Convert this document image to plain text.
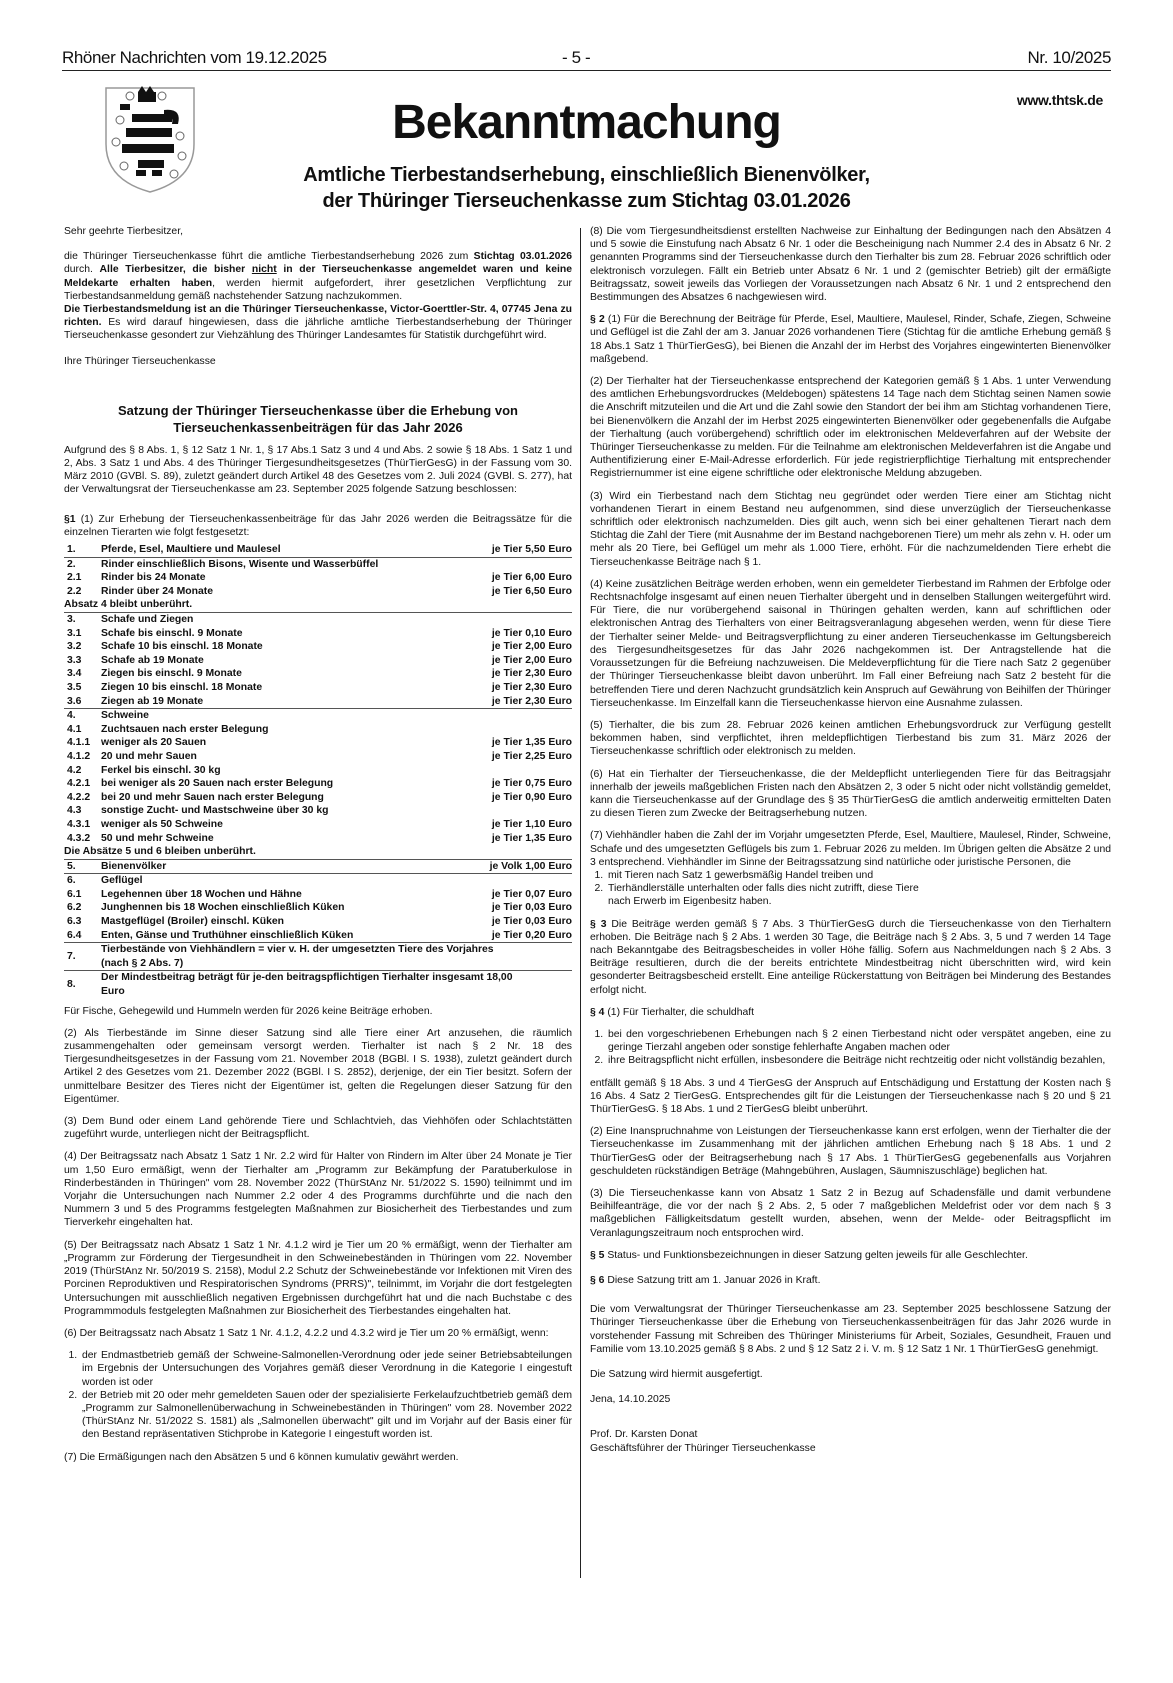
Rhöner Nachrichten vom 19.12.2025	- 5 -	Nr. 10/2025
www.thtsk.de
Bekanntmachung
Amtliche Tierbestandserhebung, einschließlich Bienenvölker,
der Thüringer Tierseuchenkasse zum Stichtag 03.01.2026

Sehr geehrte Tierbesitzer,

die Thüringer Tierseuchenkasse führt die amtliche Tierbestandserhebung 2026 zum Stichtag 03.01.2026 durch. Alle Tierbesitzer, die bisher nicht in der Tierseuchenkasse angemeldet waren und keine Meldekarte erhalten haben, werden hiermit aufgefordert, ihrer gesetzlichen Verpflichtung zur Tierbestandsanmeldung gemäß nachstehender Satzung nachzukommen.

Die Tierbestandsmeldung ist an die Thüringer Tierseuchenkasse, Victor-Goerttler-Str. 4, 07745 Jena zu richten. Es wird darauf hingewiesen, dass die jährliche amtliche Tierbestandserhebung der Thüringer Tierseuchenkasse gesondert zur Viehzählung des Thüringer Landesamtes für Statistik durchgeführt wird.

Ihre Thüringer Tierseuchenkasse

Satzung der Thüringer Tierseuchenkasse über die Erhebung von Tierseuchenkassenbeiträgen für das Jahr 2026

Aufgrund des § 8 Abs. 1, § 12 Satz 1 Nr. 1, § 17 Abs.1 Satz 3 und 4 und Abs. 2 sowie § 18 Abs. 1 Satz 1 und 2, Abs. 3 Satz 1 und Abs. 4 des Thüringer Tiergesundheitsgesetzes (ThürTierGesG) in der Fassung vom 30. März 2010 (GVBl. S. 89), zuletzt geändert durch Artikel 48 des Gesetzes vom 2. Juli 2024 (GVBl. S. 277), hat der Verwaltungsrat der Tierseuchenkasse am 23. September 2025 folgende Satzung beschlossen:

§1 (1) Zur Erhebung der Tierseuchenkassenbeiträge für das Jahr 2026 werden die Beitragssätze für die einzelnen Tierarten wie folgt festgesetzt:

1.	Pferde, Esel, Maultiere und Maulesel	je Tier 5,50 Euro
2.	Rinder einschließlich Bisons, Wisente und Wasserbüffel	
2.1	Rinder bis 24 Monate	je Tier 6,00 Euro
2.2	Rinder über 24 Monate	je Tier 6,50 Euro
Absatz 4 bleibt unberührt.		
3.	Schafe und Ziegen	
3.1	Schafe bis einschl. 9 Monate	je Tier 0,10 Euro
3.2	Schafe 10 bis einschl. 18 Monate	je Tier 2,00 Euro
3.3	Schafe ab 19 Monate	je Tier 2,00 Euro
3.4	Ziegen bis einschl. 9 Monate	je Tier 2,30 Euro
3.5	Ziegen 10 bis einschl. 18 Monate	je Tier 2,30 Euro
3.6	Ziegen ab 19 Monate	je Tier 2,30 Euro
4.	Schweine	
4.1	Zuchtsauen nach erster Belegung	
4.1.1	weniger als 20 Sauen	je Tier 1,35 Euro
4.1.2	20 und mehr Sauen	je Tier 2,25 Euro
4.2	Ferkel bis einschl. 30 kg	
4.2.1	bei weniger als 20 Sauen nach erster Belegung	je Tier 0,75 Euro
4.2.2	bei 20 und mehr Sauen nach erster Belegung	je Tier 0,90 Euro
4.3	sonstige Zucht- und Mastschweine über 30 kg	
4.3.1	weniger als 50 Schweine	je Tier 1,10 Euro
4.3.2	50 und mehr Schweine	je Tier 1,35 Euro
Die Absätze 5 und 6 bleiben unberührt.		
5.	Bienenvölker	je Volk 1,00 Euro
6.	Geflügel	
6.1	Legehennen über 18 Wochen und Hähne	je Tier 0,07 Euro
6.2	Junghennen bis 18 Wochen einschließlich Küken	je Tier 0,03 Euro
6.3	Mastgeflügel (Broiler) einschl. Küken	je Tier 0,03 Euro
6.4	Enten, Gänse und Truthühner einschließlich Küken	je Tier 0,20 Euro
7.	Tierbestände von Viehhändlern = vier v. H. der umgesetzten Tiere des Vorjahres (nach § 2 Abs. 7)	
8.	Der Mindestbeitrag beträgt für je-den beitragspflichtigen Tierhalter insgesamt 18,00 Euro	

Für Fische, Gehegewild und Hummeln werden für 2026 keine Beiträge erhoben.

(2) Als Tierbestände im Sinne dieser Satzung sind alle Tiere einer Art anzusehen, die räumlich zusammengehalten oder gemeinsam versorgt werden. Tierhalter ist nach § 2 Nr. 18 des Tiergesundheitsgesetzes in der Fassung vom 21. November 2018 (BGBl. I S. 1938), zuletzt geändert durch Artikel 2 des Gesetzes vom 21. Dezember 2022 (BGBl. I S. 2852), derjenige, der ein Tier besitzt. Sofern der unmittelbare Besitzer des Tieres nicht der Eigentümer ist, gelten die Regelungen dieser Satzung für den Eigentümer.

(3) Dem Bund oder einem Land gehörende Tiere und Schlachtvieh, das Viehhöfen oder Schlachtstätten zugeführt wurde, unterliegen nicht der Beitragspflicht.

(4) Der Beitragssatz nach Absatz 1 Satz 1 Nr. 2.2 wird für Halter von Rindern im Alter über 24 Monate je Tier um 1,50 Euro ermäßigt, wenn der Tierhalter am „Programm zur Bekämpfung der Paratuberkulose in Rinderbeständen in Thüringen" vom 28. November 2022 (ThürStAnz Nr. 51/2022 S. 1590) teilnimmt und im Vorjahr die Untersuchungen nach Nummer 2.2 oder 4 des Programms durchführte und die nach den Nummern 3 und 5 des Programms festgelegten Maßnahmen zur Biosicherheit des Tierbestandes und zum Tierverkehr eingehalten hat.

(5) Der Beitragssatz nach Absatz 1 Satz 1 Nr. 4.1.2 wird je Tier um 20 % ermäßigt, wenn der Tierhalter am „Programm zur Förderung der Tiergesundheit in den Schweinebeständen in Thüringen vom 22. November 2019 (ThürStAnz Nr. 50/2019 S. 2158), Modul 2.2 Schutz der Schweinebestände vor Infektionen mit Viren des Porcinen Reproduktiven und Respiratorischen Syndroms (PRRS)", teilnimmt, im Vorjahr die dort festgelegten Untersuchungen mit ausschließlich negativen Ergebnissen durchgeführt hat und die nach Buchstabe c des Programmmoduls festgelegten Maßnahmen zur Biosicherheit des Tierbestandes eingehalten hat.

(6) Der Beitragssatz nach Absatz 1 Satz 1 Nr. 4.1.2, 4.2.2 und 4.3.2 wird je Tier um 20 % ermäßigt, wenn:

1. der Endmastbetrieb gemäß der Schweine-Salmonellen-Verordnung oder jede seiner Betriebsabteilungen im Ergebnis der Untersuchungen des Vorjahres gemäß dieser Verordnung in die Kategorie I eingestuft worden ist oder
2. der Betrieb mit 20 oder mehr gemeldeten Sauen oder der spezialisierte Ferkelaufzuchtbetrieb gemäß dem „Programm zur Salmonellenüberwachung in Schweinebeständen in Thüringen" vom 28. November 2022 (ThürStAnz Nr. 51/2022 S. 1581) als „Salmonellen überwacht" gilt und im Vorjahr auf der Basis einer für den Bestand repräsentativen Stichprobe in Kategorie I eingestuft worden ist.

(7) Die Ermäßigungen nach den Absätzen 5 und 6 können kumulativ gewährt werden.

(8) Die vom Tiergesundheitsdienst erstellten Nachweise zur Einhaltung der Bedingungen nach den Absätzen 4 und 5 sowie die Einstufung nach Absatz 6 Nr. 1 oder die Bescheinigung nach Nummer 2.4 des in Absatz 6 Nr. 2 genannten Programms sind der Tierseuchenkasse durch den Tierhalter bis zum 28. Februar 2026 schriftlich oder elektronisch vorzulegen. Fällt ein Betrieb unter Absatz 6 Nr. 1 und 2 (gemischter Betrieb) gilt der ermäßigte Beitragssatz, soweit jeweils das Vorliegen der Voraussetzungen nach Absatz 6 Nr. 1 und 2 entsprechend den Bestimmungen des Absatzes 6 nachgewiesen wird.

§ 2 (1) Für die Berechnung der Beiträge für Pferde, Esel, Maultiere, Maulesel, Rinder, Schafe, Ziegen, Schweine und Geflügel ist die Zahl der am 3. Januar 2026 vorhandenen Tiere (Stichtag für die amtliche Erhebung gemäß § 18 Abs.1 Satz 1 ThürTierGesG), bei Bienen die Anzahl der im Herbst des Vorjahres eingewinterten Bienenvölker maßgebend.

(2) Der Tierhalter hat der Tierseuchenkasse entsprechend der Kategorien gemäß § 1 Abs. 1 unter Verwendung des amtlichen Erhebungsvordruckes (Meldebogen) spätestens 14 Tage nach dem Stichtag seinen Namen sowie die Anschrift mitzuteilen und die Art und die Zahl sowie den Standort der bei ihm am Stichtag vorhandenen Tiere, bei Bienenvölkern die Anzahl der im Herbst 2025 eingewinterten Bienenvölker oder gegebenenfalls die Aufgabe der Tierhaltung (auch vorübergehend) schriftlich oder im elektronischen Meldeverfahren auf der Website der Thüringer Tierseuchenkasse zu melden. Für die Teilnahme am elektronischen Meldeverfahren ist die Angabe und Authentifizierung einer E-Mail-Adresse erforderlich. Für jede registrierpflichtige Tierhaltung mit entsprechender Registriernummer ist eine eigene schriftliche oder elektronische Meldung abzugeben.

(3) Wird ein Tierbestand nach dem Stichtag neu gegründet oder werden Tiere einer am Stichtag nicht vorhandenen Tierart in einem Bestand neu aufgenommen, sind diese unverzüglich der Tierseuchenkasse schriftlich oder elektronisch nachzumelden. Dies gilt auch, wenn sich bei einer gehaltenen Tierart nach dem Stichtag die Zahl der Tiere (mit Ausnahme der im Bestand nachgeborenen Tiere) um mehr als zehn v. H. oder um mehr als 20 Tiere, bei Geflügel um mehr als 1.000 Tiere, erhöht. Für die nachzumeldenden Tiere erhebt die Tierseuchenkasse Beiträge nach § 1.

(4) Keine zusätzlichen Beiträge werden erhoben, wenn ein gemeldeter Tierbestand im Rahmen der Erbfolge oder Rechtsnachfolge insgesamt auf einen neuen Tierhalter übergeht und in denselben Stallungen weitergeführt wird. Für Tiere, die nur vorübergehend saisonal in Thüringen gehalten werden, kann auf schriftlichen oder elektronischen Antrag des Tierhalters von einer Beitragsveranlagung abgesehen werden, wenn für diese Tiere der Tierhalter seiner Melde- und Beitragsverpflichtung zu einer anderen Tierseuchenkasse im Geltungsbereich des Tiergesundheitsgesetzes für das Jahr 2026 nachgekommen ist. Der Antragstellende hat die Voraussetzungen für die Befreiung nachzuweisen. Die Meldeverpflichtung für die Tiere nach Satz 2 gegenüber der Thüringer Tierseuchenkasse bleibt davon unberührt. Im Fall einer Befreiung nach Satz 2 besteht für die betreffenden Tiere und deren Nachzucht grundsätzlich kein Anspruch auf Gewährung von Beihilfen der Thüringer Tierseuchenkasse. Im Einzelfall kann die Tierseuchenkasse hiervon eine Ausnahme zulassen.

(5) Tierhalter, die bis zum 28. Februar 2026 keinen amtlichen Erhebungsvordruck zur Verfügung gestellt bekommen haben, sind verpflichtet, ihren meldepflichtigen Tierbestand bis zum 31. März 2026 der Tierseuchenkasse schriftlich oder elektronisch zu melden.

(6) Hat ein Tierhalter der Tierseuchenkasse, die der Meldepflicht unterliegenden Tiere für das Beitragsjahr innerhalb der jeweils maßgeblichen Fristen nach den Absätzen 2, 3 oder 5 nicht oder nicht vollständig gemeldet, kann die Tierseuchenkasse auf der Grundlage des § 35 ThürTierGesG die amtlich anderweitig ermittelten Daten zu diesen Tieren zum Zwecke der Beitragserhebung nutzen.

(7) Viehhändler haben die Zahl der im Vorjahr umgesetzten Pferde, Esel, Maultiere, Maulesel, Rinder, Schweine, Schafe und des umgesetzten Geflügels bis zum 1. Februar 2026 zu melden. Im Übrigen gelten die Absätze 2 und 3 entsprechend. Viehhändler im Sinne der Beitragssatzung sind natürliche oder juristische Personen, die

1. mit Tieren nach Satz 1 gewerbsmäßig Handel treiben und
2. Tierhändlerställe unterhalten oder falls dies nicht zutrifft, diese Tiere nach Erwerb im Eigenbesitz haben.

§ 3 Die Beiträge werden gemäß § 7 Abs. 3 ThürTierGesG durch die Tierseuchenkasse von den Tierhaltern erhoben. Die Beiträge nach § 2 Abs. 1 werden 30 Tage, die Beiträge nach § 2 Abs. 3, 5 und 7 werden 14 Tage nach Bekanntgabe des Beitragsbescheides in voller Höhe fällig. Sofern aus Nachmeldungen nach § 2 Abs. 3 Beiträge resultieren, durch die der bereits entrichtete Mindestbeitrag nicht überschritten wird, wird kein gesonderter Beitragsbescheid erstellt. Eine anteilige Rückerstattung von Beiträgen bei Minderung des Bestandes erfolgt nicht.

§ 4 (1) Für Tierhalter, die schuldhaft

1. bei den vorgeschriebenen Erhebungen nach § 2 einen Tierbestand nicht oder verspätet angeben, eine zu geringe Tierzahl angeben oder sonstige fehlerhafte Angaben machen oder
2. ihre Beitragspflicht nicht erfüllen, insbesondere die Beiträge nicht rechtzeitig oder nicht vollständig bezahlen,

entfällt gemäß § 18 Abs. 3 und 4 TierGesG der Anspruch auf Entschädigung und Erstattung der Kosten nach § 16 Abs. 4 Satz 2 TierGesG. Entsprechendes gilt für die Leistungen der Tierseuchenkasse nach § 20 und § 21 ThürTierGesG. § 18 Abs. 1 und 2 TierGesG bleibt unberührt.

(2) Eine Inanspruchnahme von Leistungen der Tierseuchenkasse kann erst erfolgen, wenn der Tierhalter die der Tierseuchenkasse im Zusammenhang mit der jährlichen amtlichen Erhebung nach § 18 Abs. 1 und 2 ThürTierGesG oder der Beitragserhebung nach § 17 Abs. 1 ThürTierGesG gegebenenfalls aus Vorjahren geschuldeten rückständigen Beträge (Mahngebühren, Auslagen, Säumniszuschläge) beglichen hat.

(3) Die Tierseuchenkasse kann von Absatz 1 Satz 2 in Bezug auf Schadensfälle und damit verbundene Beihilfeanträge, die vor der nach § 2 Abs. 2, 5 oder 7 maßgeblichen Meldefrist oder vor dem nach § 3 maßgeblichen Fälligkeitsdatum gestellt wurden, absehen, wenn der Melde- oder Beitragspflicht im Veranlagungszeitraum noch entsprochen wird.

§ 5 Status- und Funktionsbezeichnungen in dieser Satzung gelten jeweils für alle Geschlechter.

§ 6 Diese Satzung tritt am 1. Januar 2026 in Kraft.

Die vom Verwaltungsrat der Thüringer Tierseuchenkasse am 23. September 2025 beschlossene Satzung der Thüringer Tierseuchenkasse über die Erhebung von Tierseuchenkassenbeiträgen für das Jahr 2026 wurde in vorstehender Fassung mit Schreiben des Thüringer Ministeriums für Arbeit, Soziales, Gesundheit, Frauen und Familie vom 13.10.2025 gemäß § 8 Abs. 2 und § 12 Satz 2 i. V. m. § 12 Satz 1 Nr. 1 ThürTierGesG genehmigt.

Die Satzung wird hiermit ausgefertigt.

Jena, 14.10.2025

Prof. Dr. Karsten Donat
Geschäftsführer der Thüringer Tierseuchenkasse
